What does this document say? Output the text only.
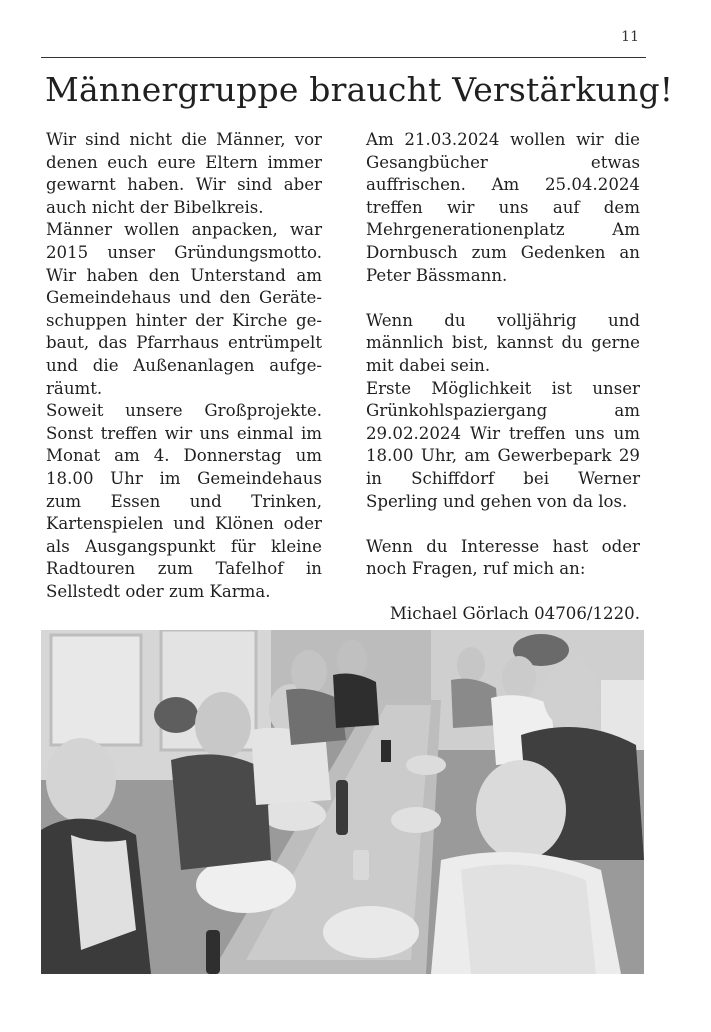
11
Männergruppe braucht Verstärkung!

Wir sind nicht die Männer, vor denen euch eure Eltern immer gewarnt haben. Wir sind aber auch nicht der Bibelkreis.

Männer wollen anpacken, war 2015 unser Gründungsmotto. Wir haben den Unterstand am Gemeindehaus und den Geräteschuppen hinter der Kirche gebaut, das Pfarrhaus entrümpelt und die Außenanlagen aufgeräumt.

Soweit unsere Großprojekte. Sonst treffen wir uns einmal im Monat am 4. Donnerstag um 18.00 Uhr im Gemeindehaus zum Essen und Trinken, Kartenspielen und Klönen oder als Ausgangspunkt für kleine Radtouren zum Tafelhof in Sellstedt oder zum Karma.

Am 21.03.2024 wollen wir die Gesangbücher etwas auffrischen. Am 25.04.2024 treffen wir uns auf dem Mehrgenerationenplatz Am Dornbusch zum Gedenken an Peter Bässmann.

Wenn du volljährig und männlich bist, kannst du gerne mit dabei sein.

Erste Möglichkeit ist unser Grünkohlspaziergang am 29.02.2024 Wir treffen uns um 18.00 Uhr, am Gewerbepark 29 in Schiffdorf bei Werner Sperling und gehen von da los.

Wenn du Interesse hast oder noch Fragen, ruf mich an:

Michael Görlach 04706/1220.
